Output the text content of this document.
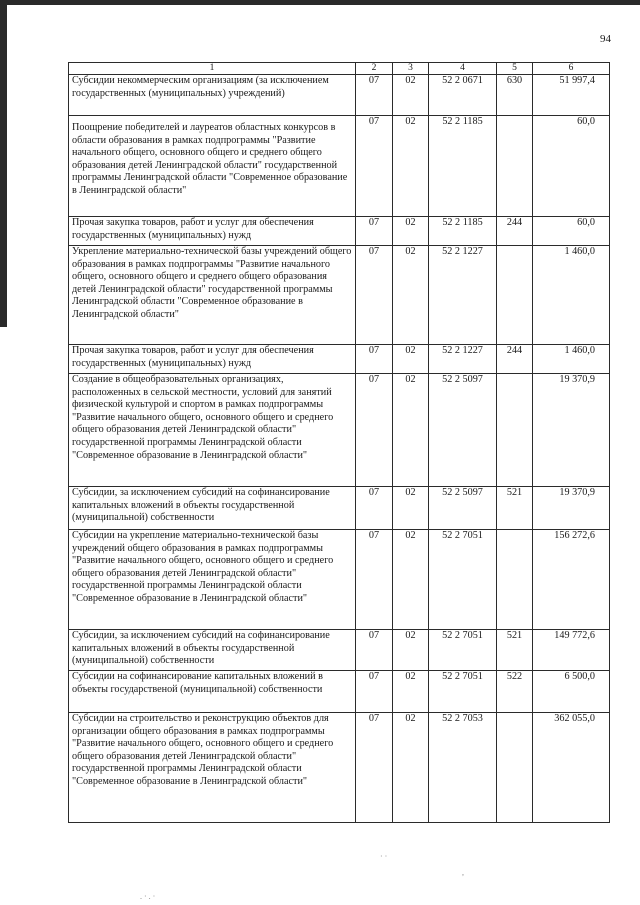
94
1	2	3	4	5	6
Субсидии некоммерческим организациям (за исключением государственных (муниципальных) учреждений)	07	02	52 2 0671	630	51 997,4
Поощрение победителей и лауреатов областных конкурсов в области образования в рамках подпрограммы "Развитие начального общего, основного общего и среднего общего образования детей Ленинградской области" государственной программы Ленинградской области "Современное образование в Ленинградской области"	07	02	52 2 1185		60,0
Прочая закупка товаров, работ и услуг для обеспечения государственных (муниципальных) нужд	07	02	52 2 1185	244	60,0
Укрепление материально-технической базы учреждений общего образования в рамках подпрограммы "Развитие начального общего, основного общего и среднего общего образования детей Ленинградской области" государственной программы Ленинградской области "Современное образование в Ленинградской области"	07	02	52 2 1227		1 460,0
Прочая закупка товаров, работ и услуг для обеспечения государственных (муниципальных) нужд	07	02	52 2 1227	244	1 460,0
Создание в общеобразовательных организациях, расположенных в сельской местности, условий для занятий физической культурой и спортом в рамках подпрограммы "Развитие начального общего, основного общего и среднего общего образования детей Ленинградской области" государственной программы Ленинградской области "Современное образование в Ленинградской области"	07	02	52 2 5097		19 370,9
Субсидии, за исключением субсидий на софинансирование капитальных вложений в объекты государственной (муниципальной) собственности	07	02	52 2 5097	521	19 370,9
Субсидии на укрепление материально-технической базы учреждений общего образования в рамках подпрограммы "Развитие начального общего, основного общего и среднего общего образования детей Ленинградской области" государственной программы Ленинградской области "Современное образование в Ленинградской области"	07	02	52 2 7051		156 272,6
Субсидии, за исключением субсидий на софинансирование капитальных вложений в объекты государственной (муниципальной) собственности	07	02	52 2 7051	521	149 772,6
Субсидии на софинансирование капитальных вложений в объекты государственой (муниципальной) собственности	07	02	52 2 7051	522	6 500,0
Субсидии на строительство и реконструкцию объектов для организации общего образования в рамках подпрограммы "Развитие начального общего, основного общего и среднего общего образования детей Ленинградской области" государственной программы Ленинградской области "Современное образование в Ленинградской области"	07	02	52 2 7053		362 055,0
· ·
,
. · . ·
